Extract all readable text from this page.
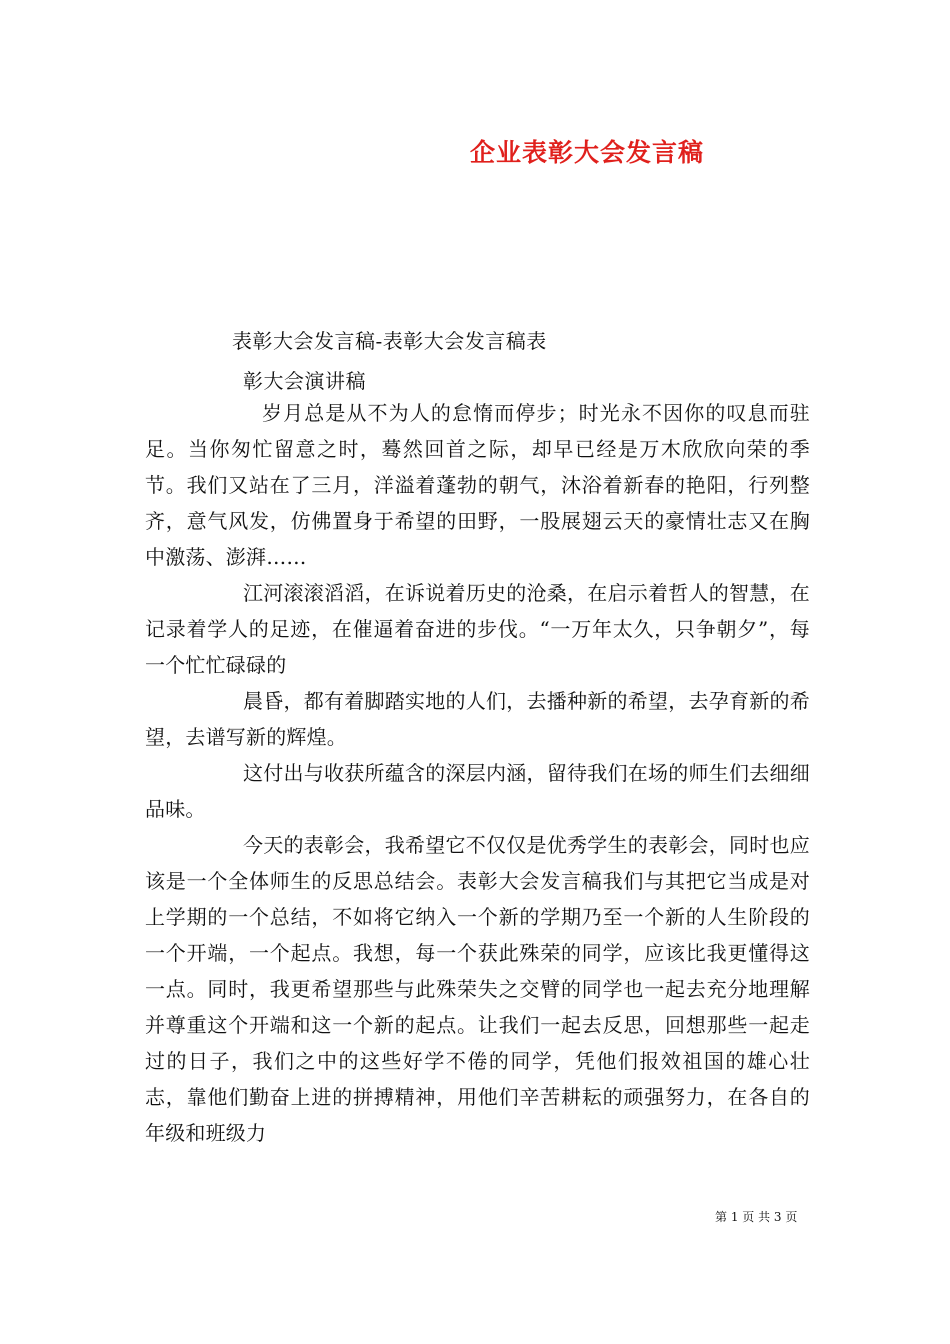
企业表彰大会发言稿
表彰大会发言稿-表彰大会发言稿表
彰大会演讲稿

岁月总是从不为人的怠惰而停步；时光永不因你的叹息而驻足。当你匆忙留意之时，蓦然回首之际，却早已经是万木欣欣向荣的季节。我们又站在了三月，洋溢着蓬勃的朝气，沐浴着新春的艳阳，行列整齐，意气风发，仿佛置身于希望的田野，一股展翅云天的豪情壮志又在胸中激荡、澎湃……

江河滚滚滔滔，在诉说着历史的沧桑，在启示着哲人的智慧，在记录着学人的足迹，在催逼着奋进的步伐。“一万年太久，只争朝夕”，每一个忙忙碌碌的

晨昏，都有着脚踏实地的人们，去播种新的希望，去孕育新的希望，去谱写新的辉煌。

这付出与收获所蕴含的深层内涵，留待我们在场的师生们去细细品味。

今天的表彰会，我希望它不仅仅是优秀学生的表彰会，同时也应该是一个全体师生的反思总结会。表彰大会发言稿我们与其把它当成是对上学期的一个总结，不如将它纳入一个新的学期乃至一个新的人生阶段的一个开端，一个起点。我想，每一个获此殊荣的同学，应该比我更懂得这一点。同时，我更希望那些与此殊荣失之交臂的同学也一起去充分地理解并尊重这个开端和这一个新的起点。让我们一起去反思，回想那些一起走过的日子，我们之中的这些好学不倦的同学，凭他们报效祖国的雄心壮志，靠他们勤奋上进的拼搏精神，用他们辛苦耕耘的顽强努力，在各自的年级和班级力

第 1 页 共 3 页
